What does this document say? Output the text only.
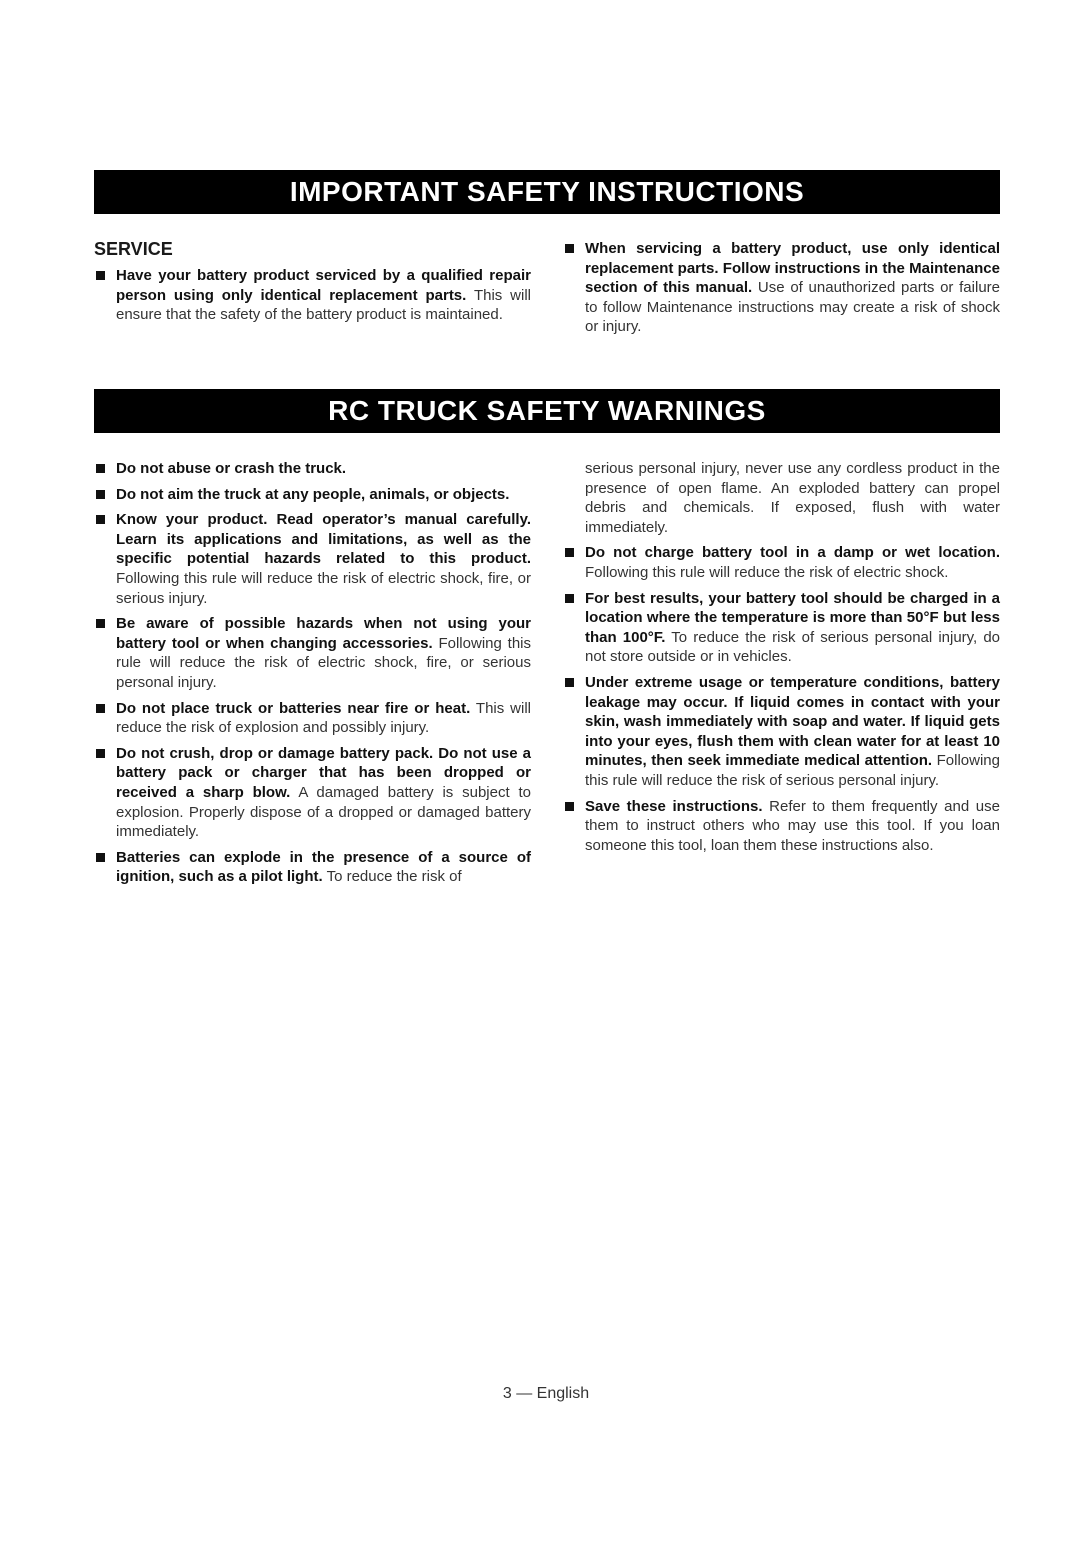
IMPORTANT SAFETY INSTRUCTIONS
SERVICE
Have your battery product serviced by a qualified repair person using only identical replacement parts. This will ensure that the safety of the battery product is maintained.
When servicing a battery product, use only identical replacement parts. Follow instructions in the Maintenance section of this manual. Use of unauthorized parts or failure to follow Maintenance instructions may create a risk of shock or injury.
RC TRUCK SAFETY WARNINGS
Do not abuse or crash the truck.
Do not aim the truck at any people, animals, or objects.
Know your product. Read operator’s manual carefully. Learn its applications and limitations, as well as the specific potential hazards related to this product. Following this rule will reduce the risk of electric shock, fire, or serious injury.
Be aware of possible hazards when not using your battery tool or when changing accessories. Following this rule will reduce the risk of electric shock, fire, or serious personal injury.
Do not place truck or batteries near fire or heat. This will reduce the risk of explosion and possibly injury.
Do not crush, drop or damage battery pack. Do not use a battery pack or charger that has been dropped or received a sharp blow. A damaged battery is subject to explosion. Properly dispose of a dropped or damaged battery immediately.
Batteries can explode in the presence of a source of ignition, such as a pilot light. To reduce the risk of
serious personal injury, never use any cordless product in the presence of open flame. An exploded battery can propel debris and chemicals. If exposed, flush with water immediately.
Do not charge battery tool in a damp or wet location. Following this rule will reduce the risk of electric shock.
For best results, your battery tool should be charged in a location where the temperature is more than 50°F but less than 100°F. To reduce the risk of serious personal injury, do not store outside or in vehicles.
Under extreme usage or temperature conditions, battery leakage may occur. If liquid comes in contact with your skin, wash immediately with soap and water. If liquid gets into your eyes, flush them with clean water for at least 10 minutes, then seek immediate medical attention. Following this rule will reduce the risk of serious personal injury.
Save these instructions. Refer to them frequently and use them to instruct others who may use this tool. If you loan someone this tool, loan them these instructions also.
3 — English
